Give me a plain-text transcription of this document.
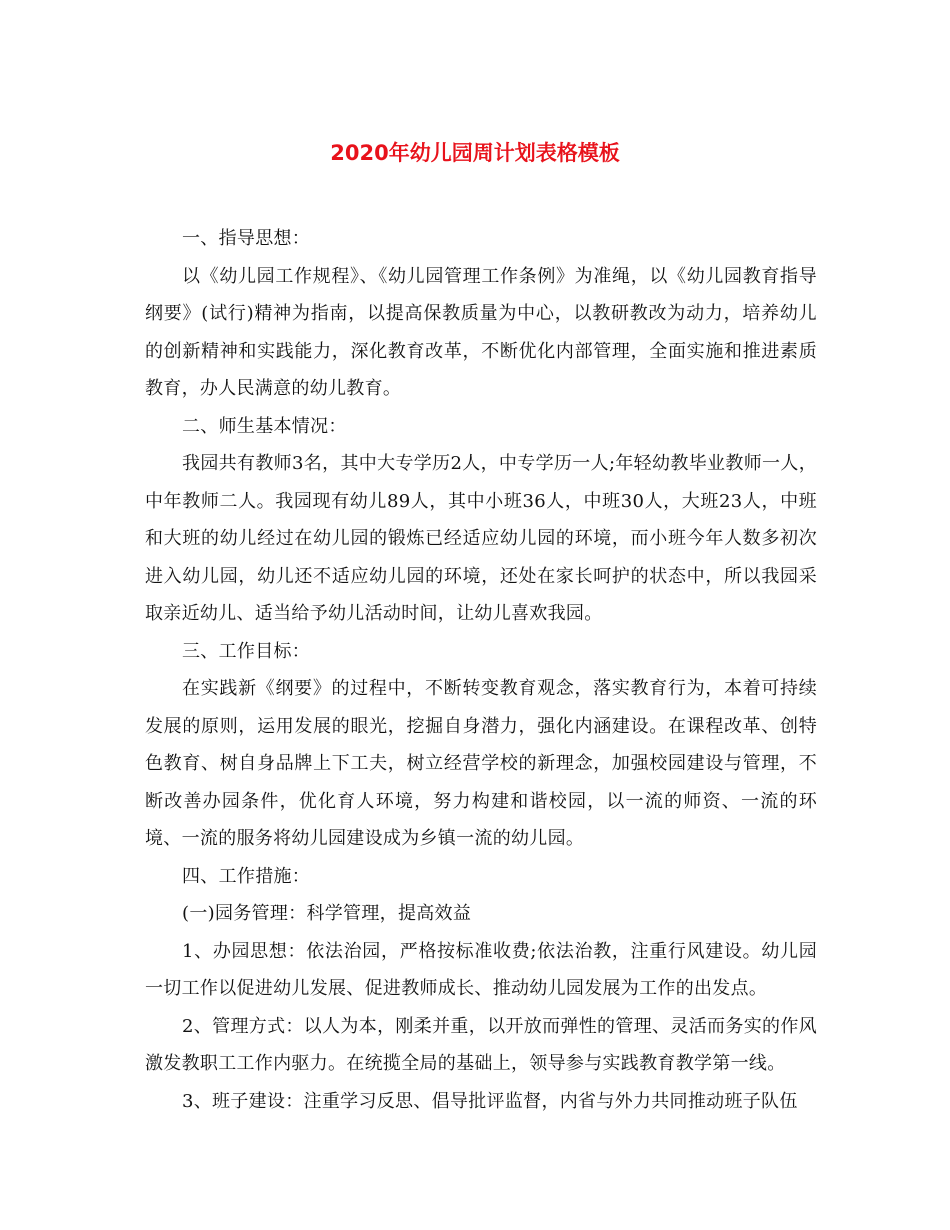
2020年幼儿园周计划表格模板

一、指导思想：

以《幼儿园工作规程》、《幼儿园管理工作条例》为准绳，以《幼儿园教育指导纲要》(试行)精神为指南，以提高保教质量为中心，以教研教改为动力，培养幼儿的创新精神和实践能力，深化教育改革，不断优化内部管理，全面实施和推进素质教育，办人民满意的幼儿教育。

二、师生基本情况：

我园共有教师3名，其中大专学历2人，中专学历一人;年轻幼教毕业教师一人，中年教师二人。我园现有幼儿89人，其中小班36人，中班30人，大班23人，中班和大班的幼儿经过在幼儿园的锻炼已经适应幼儿园的环境，而小班今年人数多初次进入幼儿园，幼儿还不适应幼儿园的环境，还处在家长呵护的状态中，所以我园采取亲近幼儿、适当给予幼儿活动时间，让幼儿喜欢我园。

三、工作目标：

在实践新《纲要》的过程中，不断转变教育观念，落实教育行为，本着可持续发展的原则，运用发展的眼光，挖掘自身潜力，强化内涵建设。在课程改革、创特色教育、树自身品牌上下工夫，树立经营学校的新理念，加强校园建设与管理，不断改善办园条件，优化育人环境，努力构建和谐校园，以一流的师资、一流的环境、一流的服务将幼儿园建设成为乡镇一流的幼儿园。

四、工作措施：

(一)园务管理：科学管理，提高效益

1、办园思想：依法治园，严格按标准收费;依法治教，注重行风建设。幼儿园一切工作以促进幼儿发展、促进教师成长、推动幼儿园发展为工作的出发点。

2、管理方式：以人为本，刚柔并重，以开放而弹性的管理、灵活而务实的作风激发教职工工作内驱力。在统揽全局的基础上，领导参与实践教育教学第一线。

3、班子建设：注重学习反思、倡导批评监督，内省与外力共同推动班子队伍
